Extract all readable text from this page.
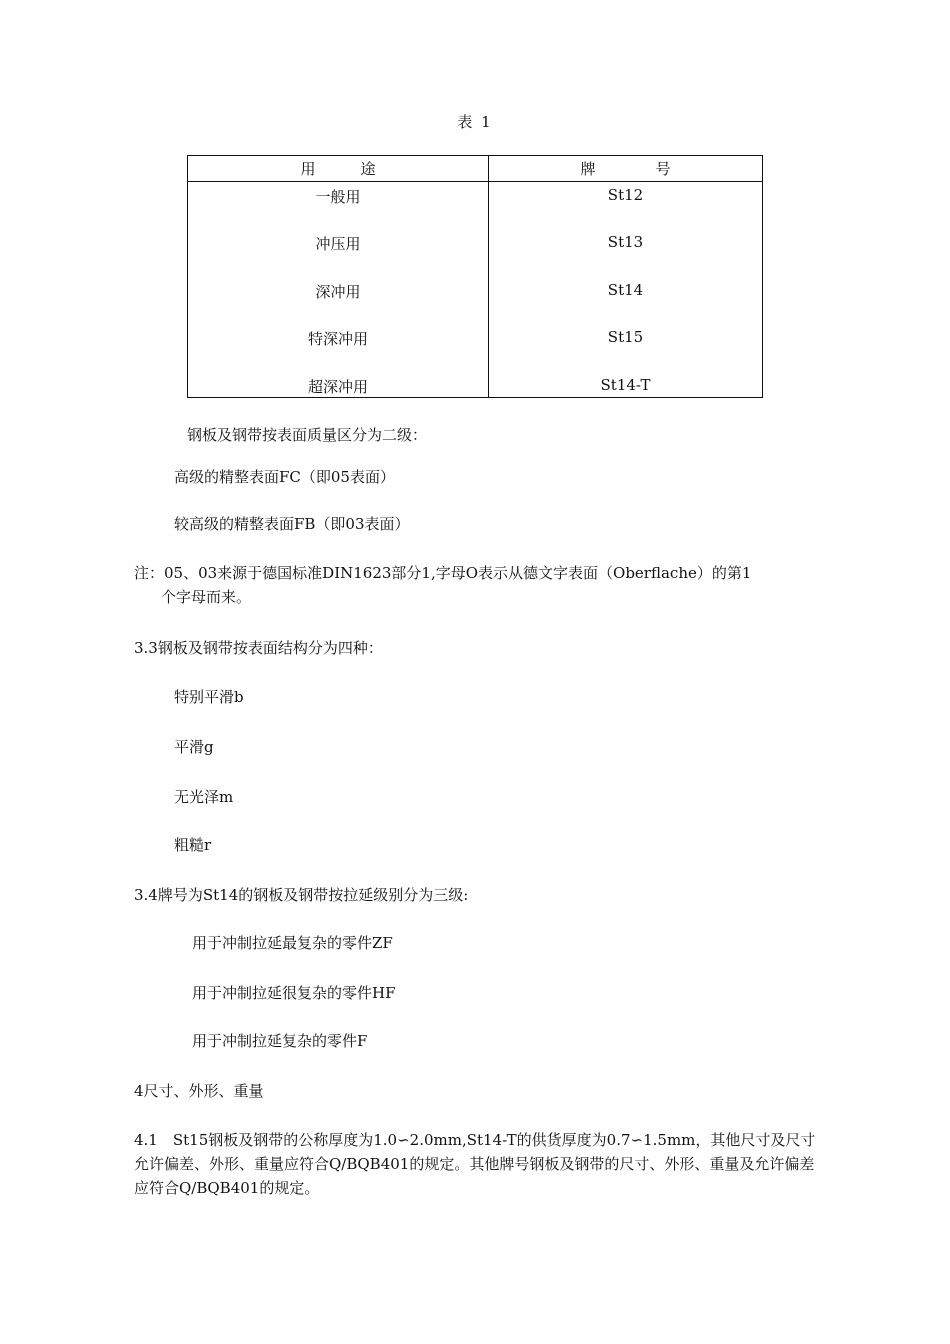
表 1
用　　　途	牌　　　　号
一般用	St12
冲压用	St13
深冲用	St14
特深冲用	St15
超深冲用	St14-T
钢板及钢带按表面质量区分为二级：
高级的精整表面FC（即05表面）
较高级的精整表面FB（即03表面）
注：05、03来源于德国标准DIN1623部分1,字母O表示从德文字表面（Oberflache）的第1
个字母而来。
3.3钢板及钢带按表面结构分为四种：
特别平滑b
平滑g
无光泽m
粗糙r
3.4牌号为St14的钢板及钢带按拉延级别分为三级:
用于冲制拉延最复杂的零件ZF
用于冲制拉延很复杂的零件HF
用于冲制拉延复杂的零件F
4尺寸、外形、重量
4.1　St15钢板及钢带的公称厚度为1.0∽2.0mm,St14-T的供货厚度为0.7∽1.5mm，其他尺寸及尺寸允许偏差、外形、重量应符合Q/BQB401的规定。其他牌号钢板及钢带的尺寸、外形、重量及允许偏差应符合Q/BQB401的规定。
